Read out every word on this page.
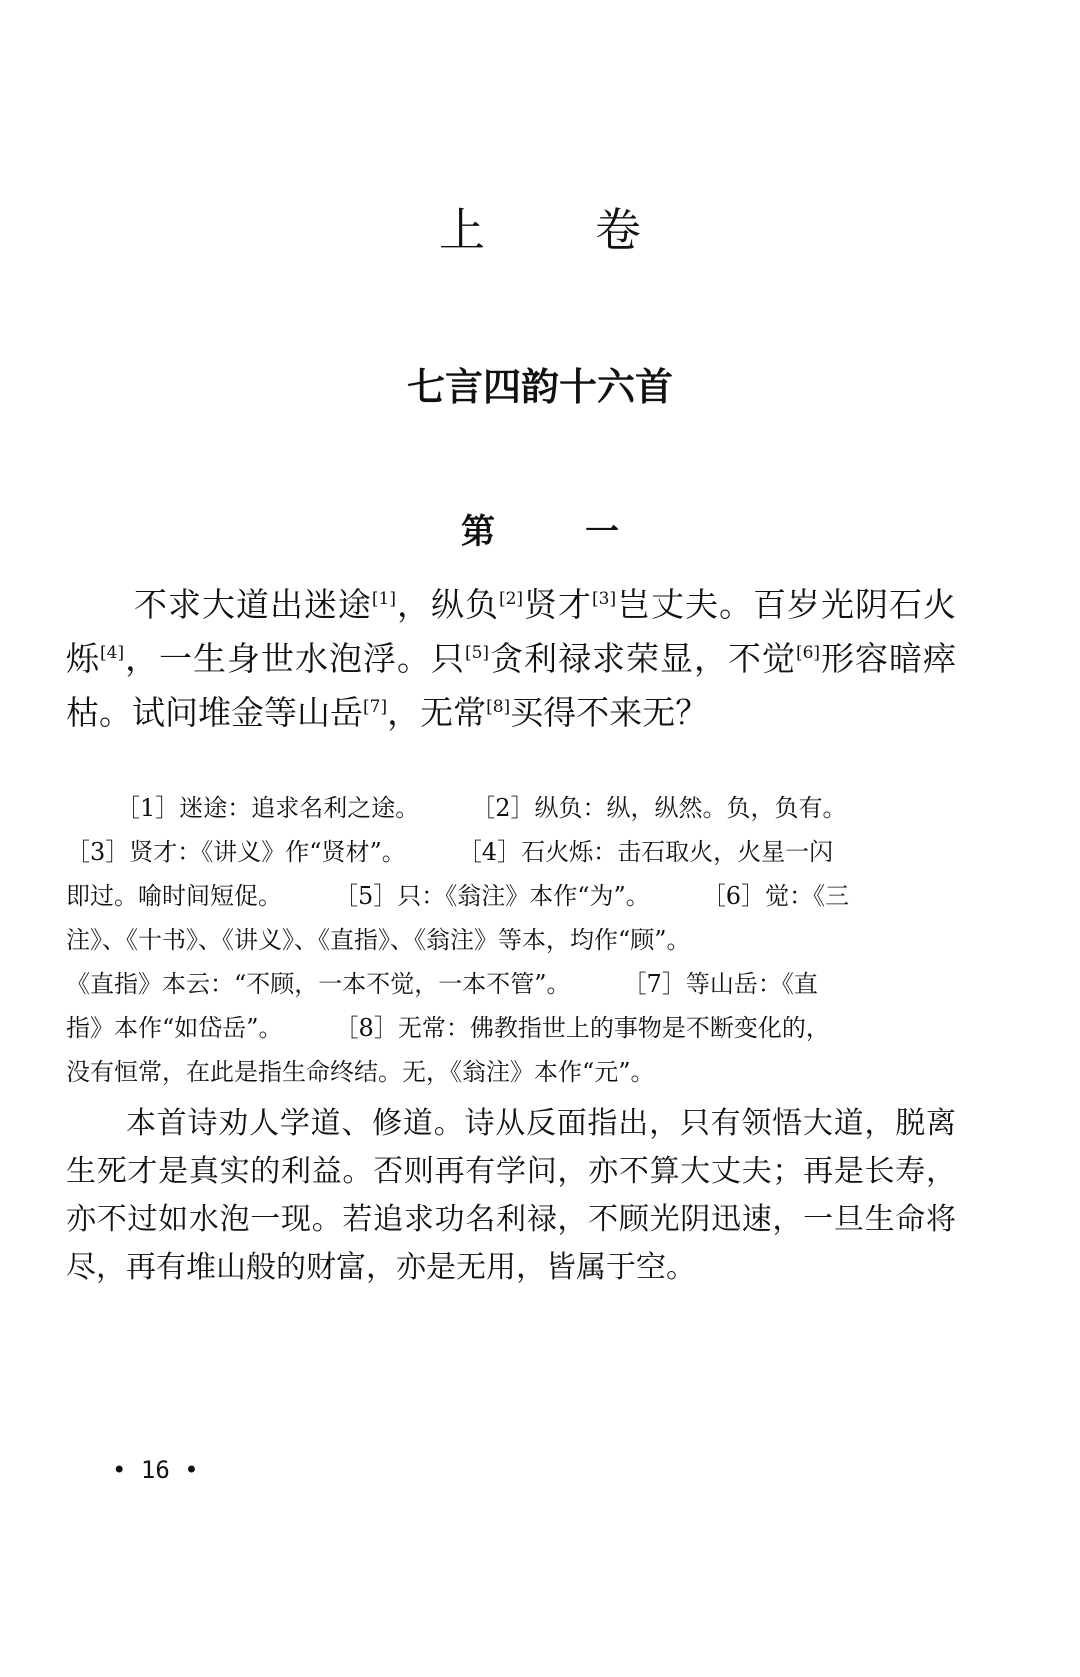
上卷
七言四韵十六首
第一
不求大道出迷途[1]，纵负[2]贤才[3]岂丈夫。百岁光阴石火烁[4]，一生身世水泡浮。只[5]贪利禄求荣显，不觉[6]形容暗瘁枯。试问堆金等山岳[7]，无常[8]买得不来无？
［1］迷途：追求名利之途。 ［2］纵负：纵，纵然。负，负有。
［3］贤才：《讲义》作“贤材”。 ［4］石火烁：击石取火，火星一闪
即过。喻时间短促。 ［5］只：《翁注》本作“为”。 ［6］觉：《三
注》、《十书》、《讲义》、《直指》、《翁注》等本，均作“顾”。
《直指》本云：“不顾，一本不觉，一本不管”。 ［7］等山岳：《直
指》本作“如岱岳”。 ［8］无常：佛教指世上的事物是不断变化的，
没有恒常，在此是指生命终结。无，《翁注》本作“元”。
本首诗劝人学道、修道。诗从反面指出，只有领悟大道，脱离生死才是真实的利益。否则再有学问，亦不算大丈夫；再是长寿，亦不过如水泡一现。若追求功名利禄，不顾光阴迅速，一旦生命将尽，再有堆山般的财富，亦是无用，皆属于空。
• 16 •
